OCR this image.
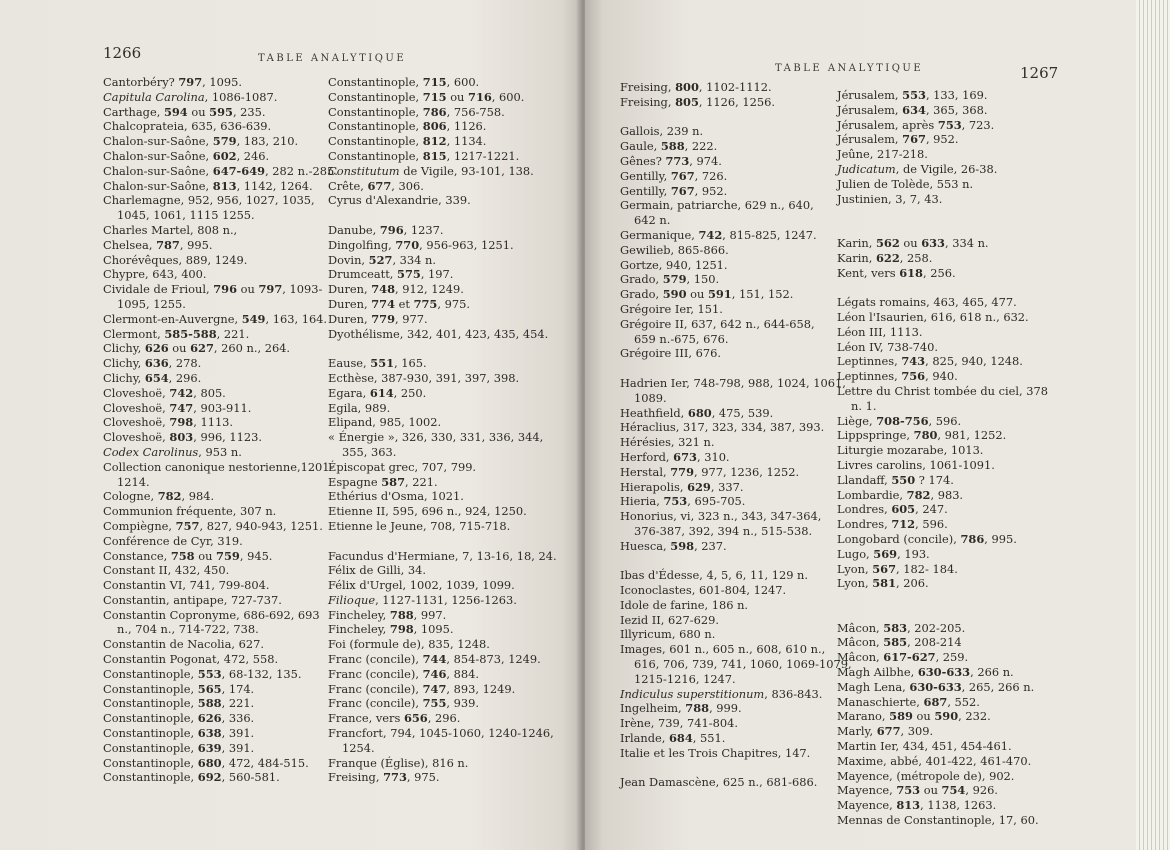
1266	TABLE ANALYTIQUE
Cantorbéry? 797, 1095.
Capitula Carolina, 1086-1087.
Carthage, 594 ou 595, 235.
Chalcoprateia, 635, 636-639.
Chalon-sur-Saône, 579, 183, 210.
Chalon-sur-Saône, 602, 246.
Chalon-sur-Saône, 647-649, 282 n.-285.
Chalon-sur-Saône, 813, 1142, 1264.
Charlemagne, 952, 956, 1027, 1035,
1045, 1061, 1115 1255.
Charles Martel, 808 n.,
Chelsea, 787, 995.
Chorévêques, 889, 1249.
Chypre, 643, 400.
Cividale de Frioul, 796 ou 797, 1093-
1095, 1255.
Clermont-en-Auvergne, 549, 163, 164.
Clermont, 585-588, 221.
Clichy, 626 ou 627, 260 n., 264.
Clichy, 636, 278.
Clichy, 654, 296.
Cloveshoë, 742, 805.
Cloveshoë, 747, 903-911.
Cloveshoë, 798, 1113.
Cloveshoë, 803, 996, 1123.
Codex Carolinus, 953 n.
Collection canonique nestorienne,1201-
1214.
Cologne, 782, 984.
Communion fréquente, 307 n.
Compiègne, 757, 827, 940-943, 1251.
Conférence de Cyr, 319.
Constance, 758 ou 759, 945.
Constant II, 432, 450.
Constantin VI, 741, 799-804.
Constantin, antipape, 727-737.
Constantin Copronyme, 686-692, 693
n., 704 n., 714-722, 738.
Constantin de Nacolia, 627.
Constantin Pogonat, 472, 558.
Constantinople, 553, 68-132, 135.
Constantinople, 565, 174.
Constantinople, 588, 221.
Constantinople, 626, 336.
Constantinople, 638, 391.
Constantinople, 639, 391.
Constantinople, 680, 472, 484-515.
Constantinople, 692, 560-581.
Constantinople, 715, 600.
Constantinople, 715 ou 716, 600.
Constantinople, 786, 756-758.
Constantinople, 806, 1126.
Constantinople, 812, 1134.
Constantinople, 815, 1217-1221.
Constitutum de Vigile, 93-101, 138.
Crête, 677, 306.
Cyrus d'Alexandrie, 339.
Danube, 796, 1237.
Dingolfing, 770, 956-963, 1251.
Dovin, 527, 334 n.
Drumceatt, 575, 197.
Duren, 748, 912, 1249.
Duren, 774 et 775, 975.
Duren, 779, 977.
Dyothélisme, 342, 401, 423, 435, 454.
Eause, 551, 165.
Ecthèse, 387-930, 391, 397, 398.
Egara, 614, 250.
Egila, 989.
Elipand, 985, 1002.
« Énergie », 326, 330, 331, 336, 344,
355, 363.
Épiscopat grec, 707, 799.
Espagne 587, 221.
Ethérius d'Osma, 1021.
Etienne II, 595, 696 n., 924, 1250.
Etienne le Jeune, 708, 715-718.
Facundus d'Hermiane, 7, 13-16, 18, 24.
Félix de Gilli, 34.
Félix d'Urgel, 1002, 1039, 1099.
Filioque, 1127-1131, 1256-1263.
Fincheley, 788, 997.
Fincheley, 798, 1095.
Foi (formule de), 835, 1248.
Franc (concile), 744, 854-873, 1249.
Franc (concile), 746, 884.
Franc (concile), 747, 893, 1249.
Franc (concile), 755, 939.
France, vers 656, 296.
Francfort, 794, 1045-1060, 1240-1246,
1254.
Franque (Église), 816 n.
Freising, 773, 975.
TABLE ANALYTIQUE	1267
Freising, 800, 1102-1112.
Freising, 805, 1126, 1256.
Gallois, 239 n.
Gaule, 588, 222.
Gênes? 773, 974.
Gentilly, 767, 726.
Gentilly, 767, 952.
Germain, patriarche, 629 n., 640,
642 n.
Germanique, 742, 815-825, 1247.
Gewilieb, 865-866.
Gortze, 940, 1251.
Grado, 579, 150.
Grado, 590 ou 591, 151, 152.
Grégoire Ier, 151.
Grégoire II, 637, 642 n., 644-658,
659 n.-675, 676.
Grégoire III, 676.
Hadrien Ier, 748-798, 988, 1024, 1061,
1089.
Heathfield, 680, 475, 539.
Héraclius, 317, 323, 334, 387, 393.
Hérésies, 321 n.
Herford, 673, 310.
Herstal, 779, 977, 1236, 1252.
Hierapolis, 629, 337.
Hieria, 753, 695-705.
Honorius, vi, 323 n., 343, 347-364,
376-387, 392, 394 n., 515-538.
Huesca, 598, 237.
Ibas d'Édesse, 4, 5, 6, 11, 129 n.
Iconoclastes, 601-804, 1247.
Idole de farine, 186 n.
Iezid II, 627-629.
Illyricum, 680 n.
Images, 601 n., 605 n., 608, 610 n.,
616, 706, 739, 741, 1060, 1069-1079,
1215-1216, 1247.
Indiculus superstitionum, 836-843.
Ingelheim, 788, 999.
Irène, 739, 741-804.
Irlande, 684, 551.
Italie et les Trois Chapitres, 147.
Jean Damascène, 625 n., 681-686.
Jérusalem, 553, 133, 169.
Jérusalem, 634, 365, 368.
Jérusalem, après 753, 723.
Jérusalem, 767, 952.
Jeûne, 217-218.
Judicatum, de Vigile, 26-38.
Julien de Tolède, 553 n.
Justinien, 3, 7, 43.
Karin, 562 ou 633, 334 n.
Karin, 622, 258.
Kent, vers 618, 256.
Légats romains, 463, 465, 477.
Léon l'Isaurien, 616, 618 n., 632.
Léon III, 1113.
Léon IV, 738-740.
Leptinnes, 743, 825, 940, 1248.
Leptinnes, 756, 940.
Lettre du Christ tombée du ciel, 378
n. 1.
Liège, 708-756, 596.
Lippspringe, 780, 981, 1252.
Liturgie mozarabe, 1013.
Livres carolins, 1061-1091.
Llandaff, 550 ? 174.
Lombardie, 782, 983.
Londres, 605, 247.
Londres, 712, 596.
Longobard (concile), 786, 995.
Lugo, 569, 193.
Lyon, 567, 182- 184.
Lyon, 581, 206.
Mâcon, 583, 202-205.
Mâcon, 585, 208-214
Mâcon, 617-627, 259.
Magh Ailbhe, 630-633, 266 n.
Magh Lena, 630-633, 265, 266 n.
Manaschierte, 687, 552.
Marano, 589 ou 590, 232.
Marly, 677, 309.
Martin Ier, 434, 451, 454-461.
Maxime, abbé, 401-422, 461-470.
Mayence, (métropole de), 902.
Mayence, 753 ou 754, 926.
Mayence, 813, 1138, 1263.
Mennas de Constantinople, 17, 60.
